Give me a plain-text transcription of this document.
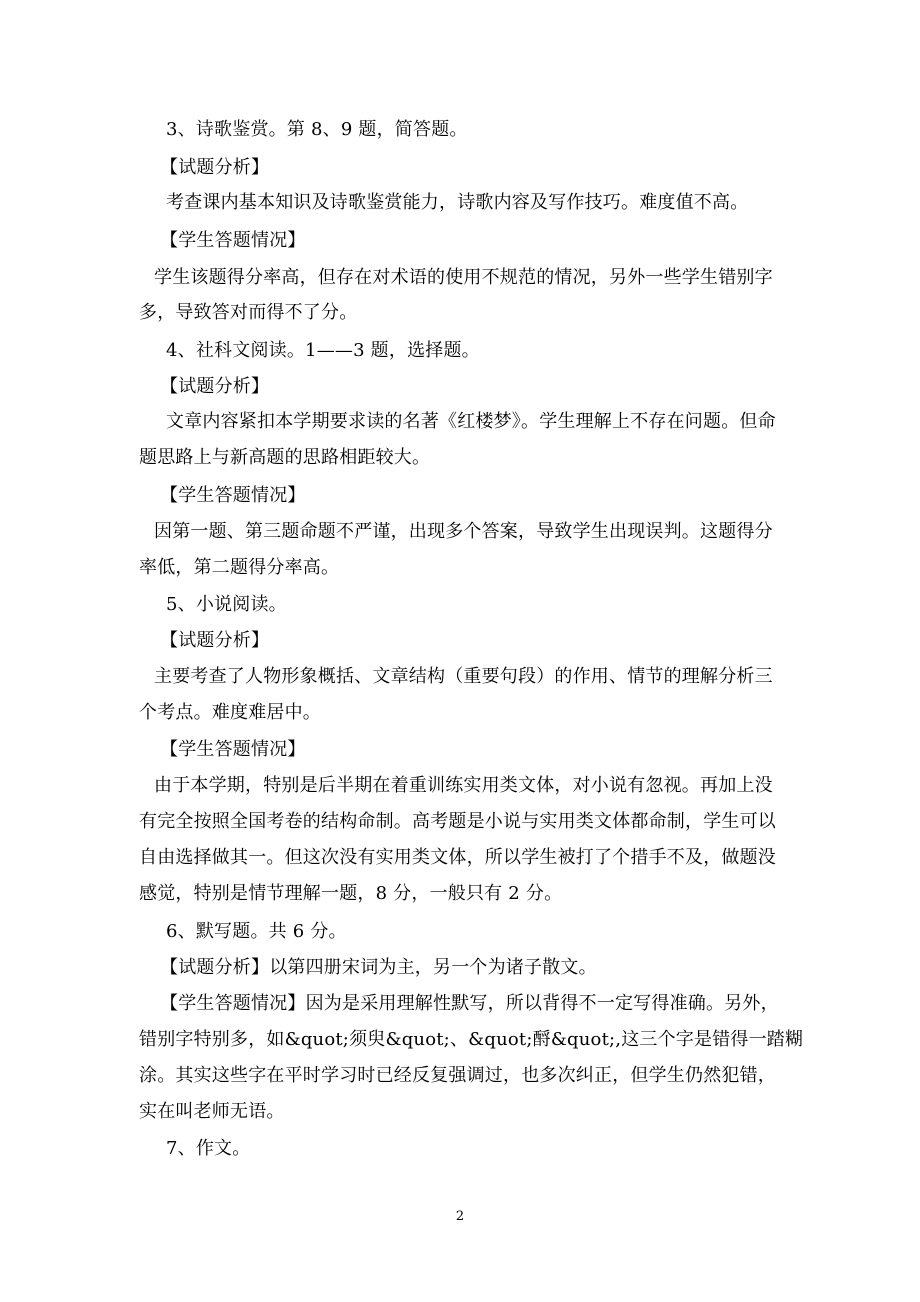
3、诗歌鉴赏。第 8、9 题，简答题。
【试题分析】
考查课内基本知识及诗歌鉴赏能力，诗歌内容及写作技巧。难度值不高。
【学生答题情况】
学生该题得分率高，但存在对术语的使用不规范的情况，另外一些学生错别字
多，导致答对而得不了分。
4、社科文阅读。1——3 题，选择题。
【试题分析】
文章内容紧扣本学期要求读的名著《红楼梦》。学生理解上不存在问题。但命
题思路上与新高题的思路相距较大。
【学生答题情况】
因第一题、第三题命题不严谨，出现多个答案，导致学生出现误判。这题得分
率低，第二题得分率高。
5、小说阅读。
【试题分析】
主要考查了人物形象概括、文章结构（重要句段）的作用、情节的理解分析三
个考点。难度难居中。
【学生答题情况】
由于本学期，特别是后半期在着重训练实用类文体，对小说有忽视。再加上没
有完全按照全国考卷的结构命制。高考题是小说与实用类文体都命制，学生可以
自由选择做其一。但这次没有实用类文体，所以学生被打了个措手不及，做题没
感觉，特别是情节理解一题，8 分，一般只有 2 分。
6、默写题。共 6 分。
【试题分析】以第四册宋词为主，另一个为诸子散文。
【学生答题情况】因为是采用理解性默写，所以背得不一定写得准确。另外，
错别字特别多，如&quot;须臾&quot;、&quot;酹&quot;,这三个字是错得一踏糊
涂。其实这些字在平时学习时已经反复强调过，也多次纠正，但学生仍然犯错，
实在叫老师无语。
7、作文。
2
